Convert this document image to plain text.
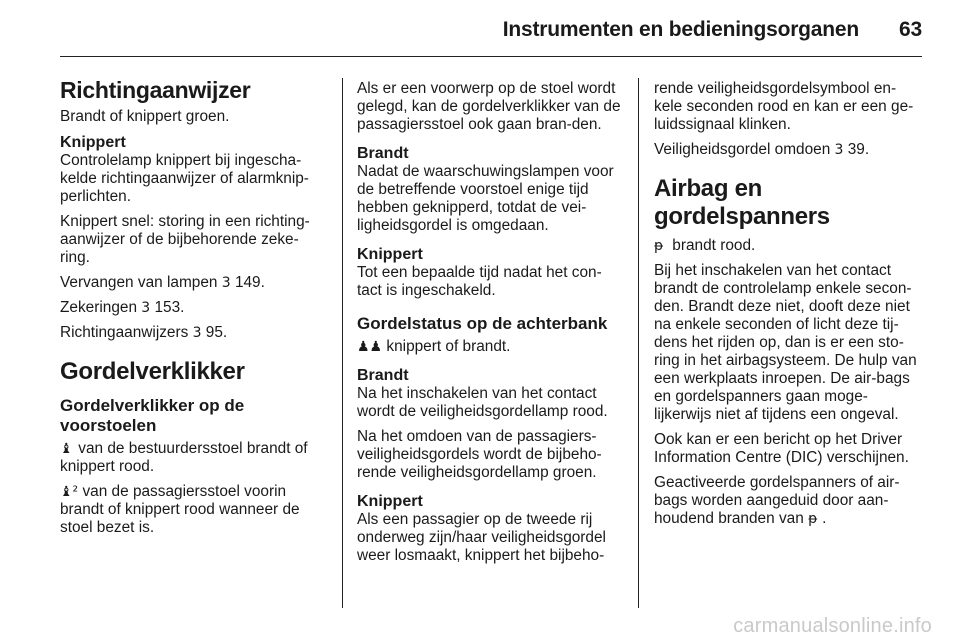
Instrumenten en bedieningsorganen 63
Richtingaanwijzer

Brandt of knippert groen.

Knippert

Controlelamp knippert bij ingescha-kelde richtingaanwijzer of alarmknip-perlichten.

Knippert snel: storing in een richting-aanwijzer of de bijbehorende zeke-ring.

Vervangen van lampen 3 149.

Zekeringen 3 153.

Richtingaanwijzers 3 95.

Gordelverklikker
Gordelverklikker op de voorstoelen

♝ van de bestuurdersstoel brandt of knippert rood.

♝² van de passagiersstoel voorin brandt of knippert rood wanneer de stoel bezet is.

Als er een voorwerp op de stoel wordt gelegd, kan de gordelverklikker van de passagiersstoel ook gaan bran-den.

Brandt

Nadat de waarschuwingslampen voor de betreffende voorstoel enige tijd hebben geknipperd, totdat de vei-ligheidsgordel is omgedaan.

Knippert

Tot een bepaalde tijd nadat het con-tact is ingeschakeld.

Gordelstatus op de achterbank

♟♟ knippert of brandt.

Brandt

Na het inschakelen van het contact wordt de veiligheidsgordellamp rood.

Na het omdoen van de passagiers-veiligheidsgordels wordt de bijbeho-rende veiligheidsgordellamp groen.

Knippert

Als een passagier op de tweede rij onderweg zijn/haar veiligheidsgordel weer losmaakt, knippert het bijbeho-

rende veiligheidsgordelsymbool en-kele seconden rood en kan er een ge-luidssignaal klinken.

Veiligheidsgordel omdoen 3 39.

Airbag en gordelspanners

ᵽ brandt rood.

Bij het inschakelen van het contact brandt de controlelamp enkele secon-den. Brandt deze niet, dooft deze niet na enkele seconden of licht deze tij-dens het rijden op, dan is er een sto-ring in het airbagsysteem. De hulp van een werkplaats inroepen. De air-bags en gordelspanners gaan moge-lijkerwijs niet af tijdens een ongeval.

Ook kan er een bericht op het Driver Information Centre (DIC) verschijnen.

Geactiveerde gordelspanners of air-bags worden aangeduid door aan-houdend branden van ᵽ .

carmanualsonline.info
